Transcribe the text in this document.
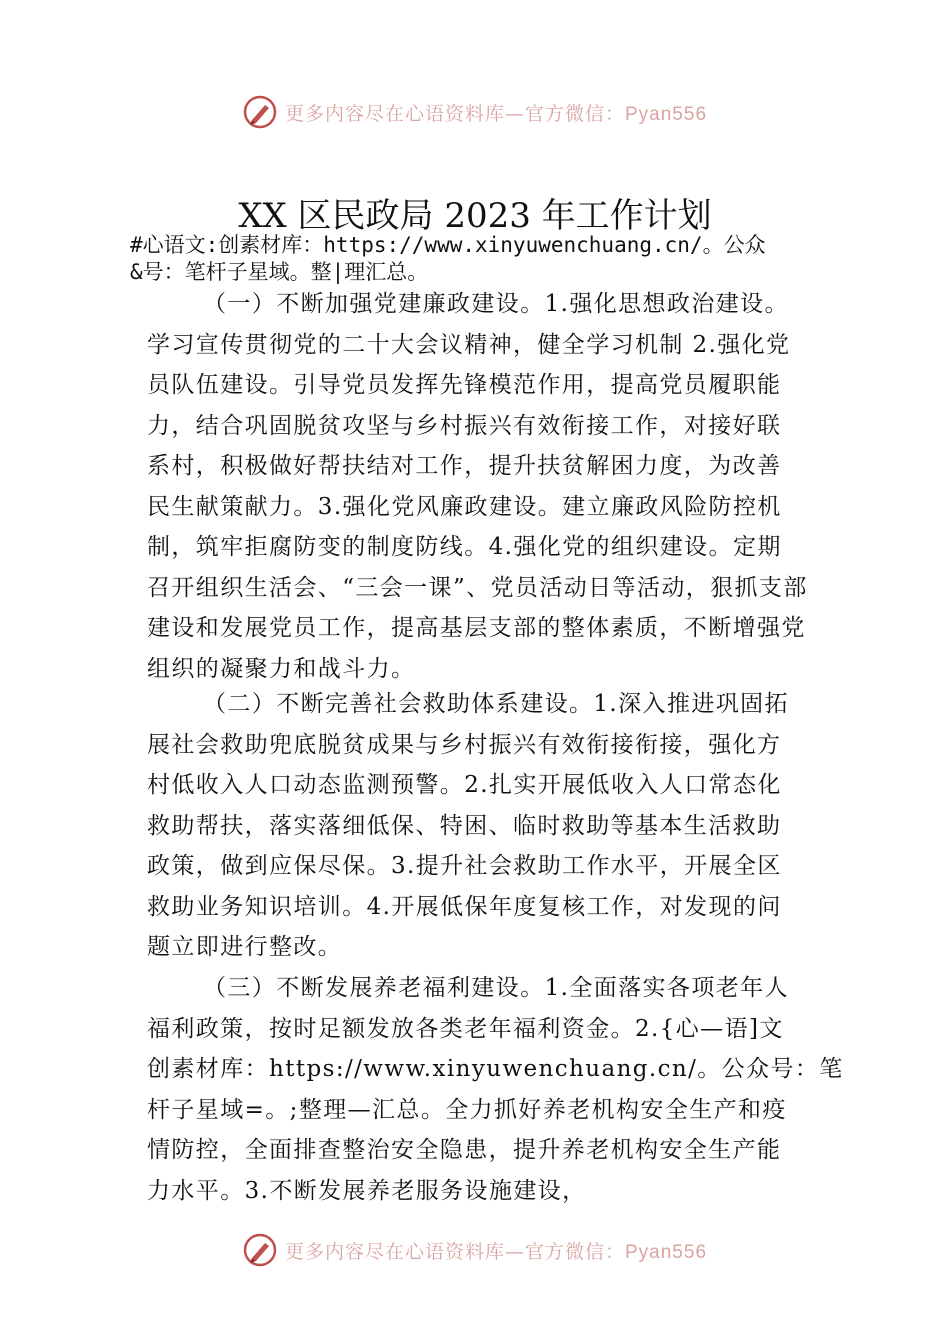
更多内容尽在心语资料库—官方微信：Pyan556
XX 区民政局 2023 年工作计划
#心语文:创素材库：https://www.xinyuwenchuang.cn/。公众
&号：笔杆子星域。整|理汇总。
（一）不断加强党建廉政建设。1.强化思想政治建设。
学习宣传贯彻党的二十大会议精神，健全学习机制 2.强化党
员队伍建设。引导党员发挥先锋模范作用，提高党员履职能
力，结合巩固脱贫攻坚与乡村振兴有效衔接工作，对接好联
系村，积极做好帮扶结对工作，提升扶贫解困力度，为改善
民生献策献力。3.强化党风廉政建设。建立廉政风险防控机
制，筑牢拒腐防变的制度防线。4.强化党的组织建设。定期
召开组织生活会、“三会一课”、党员活动日等活动，狠抓支部
建设和发展党员工作，提高基层支部的整体素质，不断增强党
组织的凝聚力和战斗力。
（二）不断完善社会救助体系建设。1.深入推进巩固拓
展社会救助兜底脱贫成果与乡村振兴有效衔接衔接，强化方
村低收入人口动态监测预警。2.扎实开展低收入人口常态化
救助帮扶，落实落细低保、特困、临时救助等基本生活救助
政策，做到应保尽保。3.提升社会救助工作水平，开展全区
救助业务知识培训。4.开展低保年度复核工作，对发现的问
题立即进行整改。
（三）不断发展养老福利建设。1.全面落实各项老年人
福利政策，按时足额发放各类老年福利资金。2.{心—语]文
创素材库：https://www.xinyuwenchuang.cn/。公众号：笔
杆子星域=。;整理—汇总。全力抓好养老机构安全生产和疫
情防控，全面排查整治安全隐患，提升养老机构安全生产能
力水平。3.不断发展养老服务设施建设，
更多内容尽在心语资料库—官方微信：Pyan556
